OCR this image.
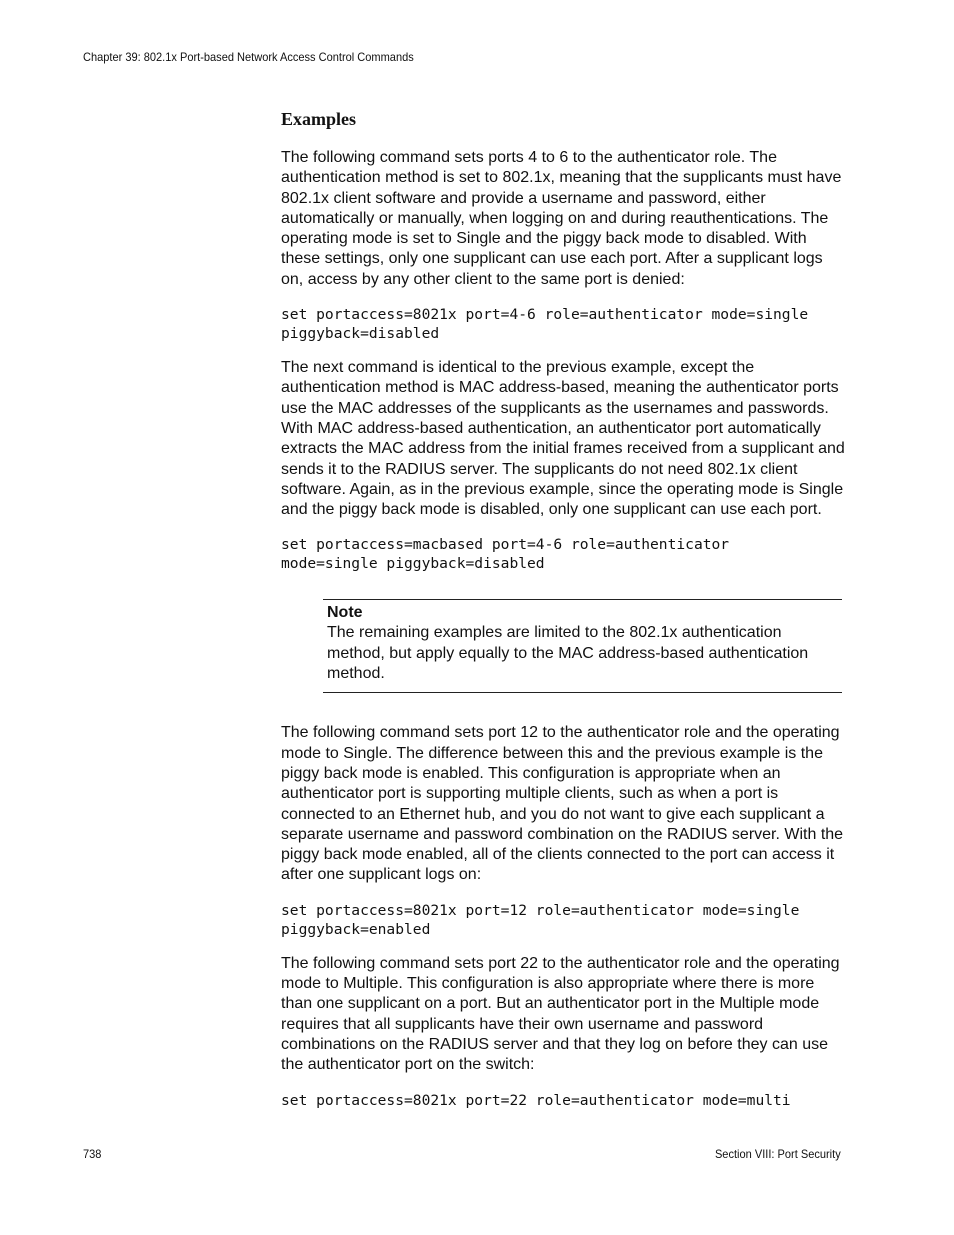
Chapter 39: 802.1x Port-based Network Access Control Commands
Examples

The following command sets ports 4 to 6 to the authenticator role. The authentication method is set to 802.1x, meaning that the supplicants must have 802.1x client software and provide a username and password, either automatically or manually, when logging on and during reauthentications. The operating mode is set to Single and the piggy back mode to disabled. With these settings, only one supplicant can use each port. After a supplicant logs on, access by any other client to the same port is denied:

set portaccess=8021x port=4-6 role=authenticator mode=single
piggyback=disabled

The next command is identical to the previous example, except the authentication method is MAC address-based, meaning the authenticator ports use the MAC addresses of the supplicants as the usernames and passwords. With MAC address-based authentication, an authenticator port automatically extracts the MAC address from the initial frames received from a supplicant and sends it to the RADIUS server. The supplicants do not need 802.1x client software. Again, as in the previous example, since the operating mode is Single and the piggy back mode is disabled, only one supplicant can use each port.

set portaccess=macbased port=4-6 role=authenticator
mode=single piggyback=disabled
Note
The remaining examples are limited to the 802.1x authentication method, but apply equally to the MAC address-based authentication method.

The following command sets port 12 to the authenticator role and the operating mode to Single. The difference between this and the previous example is the piggy back mode is enabled. This configuration is appropriate when an authenticator port is supporting multiple clients, such as when a port is connected to an Ethernet hub, and you do not want to give each supplicant a separate username and password combination on the RADIUS server. With the piggy back mode enabled, all of the clients connected to the port can access it after one supplicant logs on:

set portaccess=8021x port=12 role=authenticator mode=single
piggyback=enabled

The following command sets port 22 to the authenticator role and the operating mode to Multiple. This configuration is also appropriate where there is more than one supplicant on a port. But an authenticator port in the Multiple mode requires that all supplicants have their own username and password combinations on the RADIUS server and that they log on before they can use the authenticator port on the switch:

set portaccess=8021x port=22 role=authenticator mode=multi
738	Section VIII: Port Security
